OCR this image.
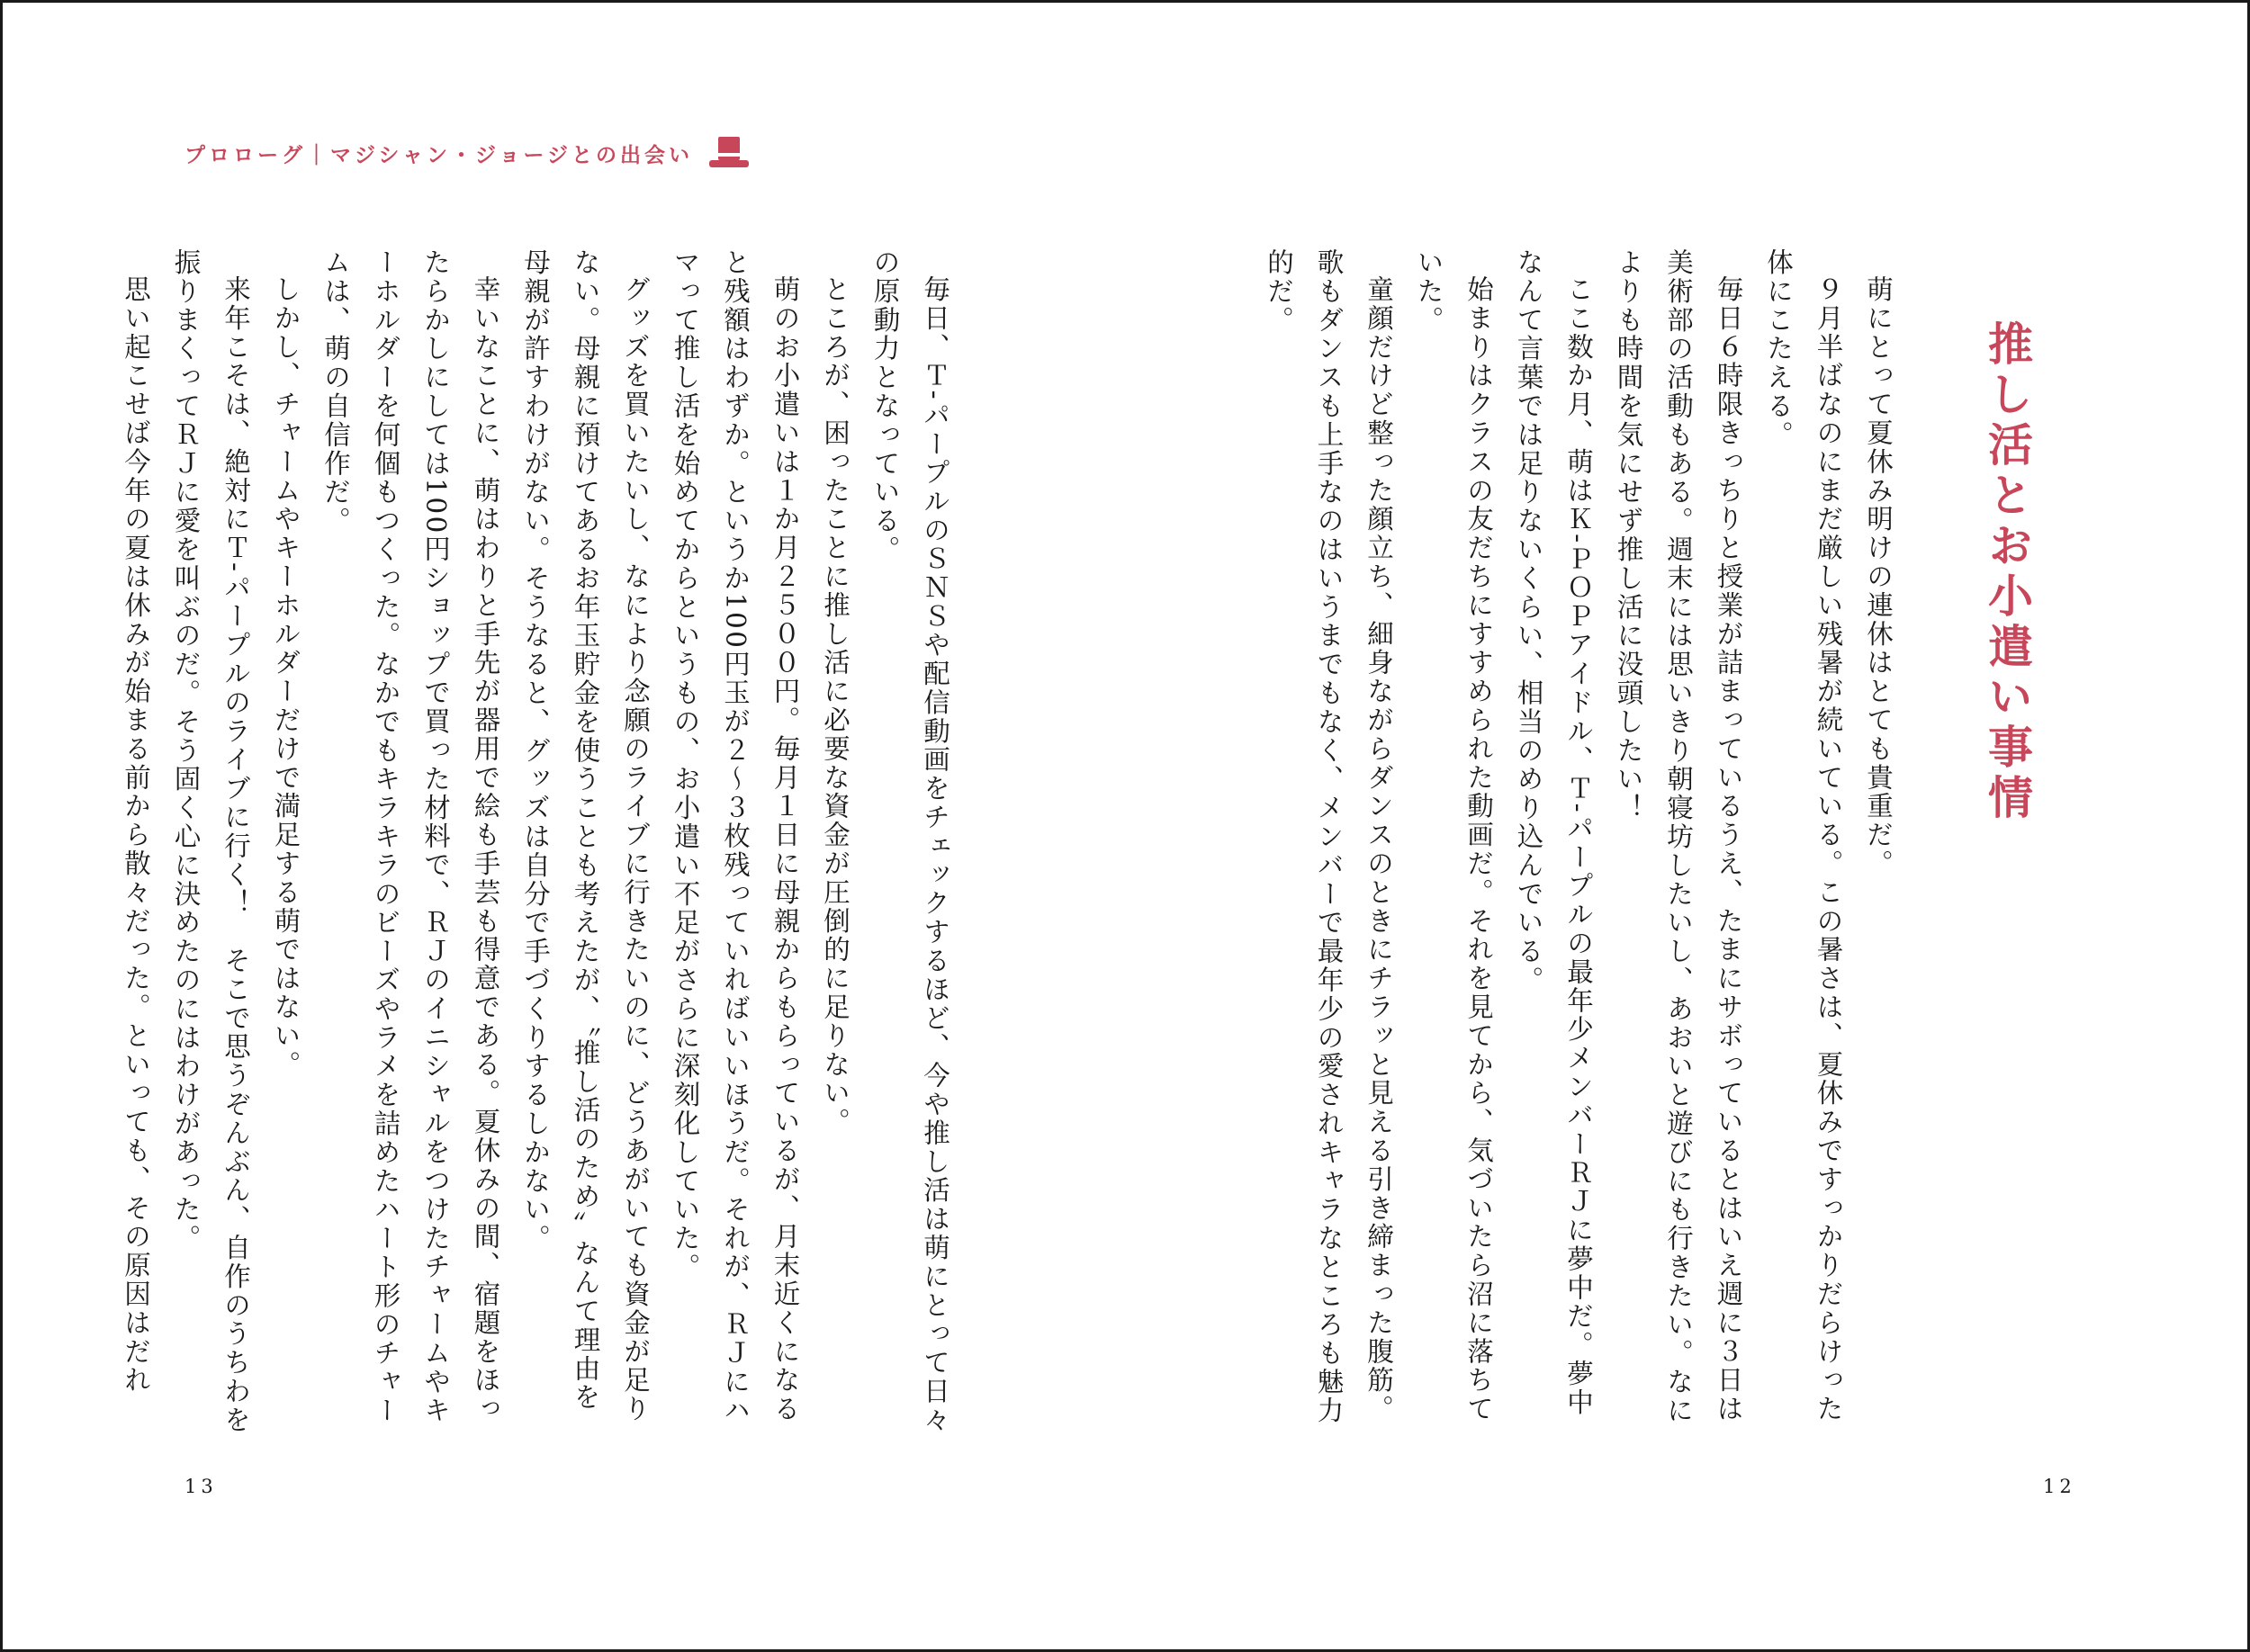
プロローグ｜マジシャン・ジョージとの出会い

毎日、Ｔ-パープルのＳＮＳや配信動画をチェックするほど、今や推し活は萌にとって日々の原動力となっている。

ところが、困ったことに推し活に必要な資金が圧倒的に足りない。

萌のお小遣いは１か月２５００円。毎月１日に母親からもらっているが、月末近くになると残額はわずか。というか100円玉が２～３枚残っていればいいほうだ。それが、ＲＪにハマって推し活を始めてからというもの、お小遣い不足がさらに深刻化していた。

グッズを買いたいし、なにより念願のライブに行きたいのに、どうあがいても資金が足りない。母親に預けてあるお年玉貯金を使うことも考えたが、〝推し活のため〟なんて理由を母親が許すわけがない。そうなると、グッズは自分で手づくりするしかない。

幸いなことに、萌はわりと手先が器用で絵も手芸も得意である。夏休みの間、宿題をほったらかしにしては100円ショップで買った材料で、ＲＪのイニシャルをつけたチャームやキーホルダーを何個もつくった。なかでもキラキラのビーズやラメを詰めたハート形のチャームは、萌の自信作だ。

しかし、チャームやキーホルダーだけで満足する萌ではない。

来年こそは、絶対にＴ-パープルのライブに行く！　そこで思うぞんぶん、自作のうちわを振りまくってＲＪに愛を叫ぶのだ。そう固く心に決めたのにはわけがあった。

思い起こせば今年の夏は休みが始まる前から散々だった。といっても、その原因はだれ	推し活とお小遣い事情

萌にとって夏休み明けの連休はとても貴重だ。

９月半ばなのにまだ厳しい残暑が続いている。この暑さは、夏休みですっかりだらけった体にこたえる。

毎日６時限きっちりと授業が詰まっているうえ、たまにサボっているとはいえ週に３日は美術部の活動もある。週末には思いきり朝寝坊したいし、あおいと遊びにも行きたい。なによりも時間を気にせず推し活に没頭したい！

ここ数か月、萌はＫ-ＰＯＰアイドル、Ｔ-パープルの最年少メンバーＲＪに夢中だ。夢中なんて言葉では足りないくらい、相当のめり込んでいる。

始まりはクラスの友だちにすすめられた動画だ。それを見てから、気づいたら沼に落ちていた。

童顔だけど整った顔立ち、細身ながらダンスのときにチラッと見える引き締まった腹筋。歌もダンスも上手なのはいうまでもなく、メンバーで最年少の愛されキャラなところも魅力的だ。

13	12
